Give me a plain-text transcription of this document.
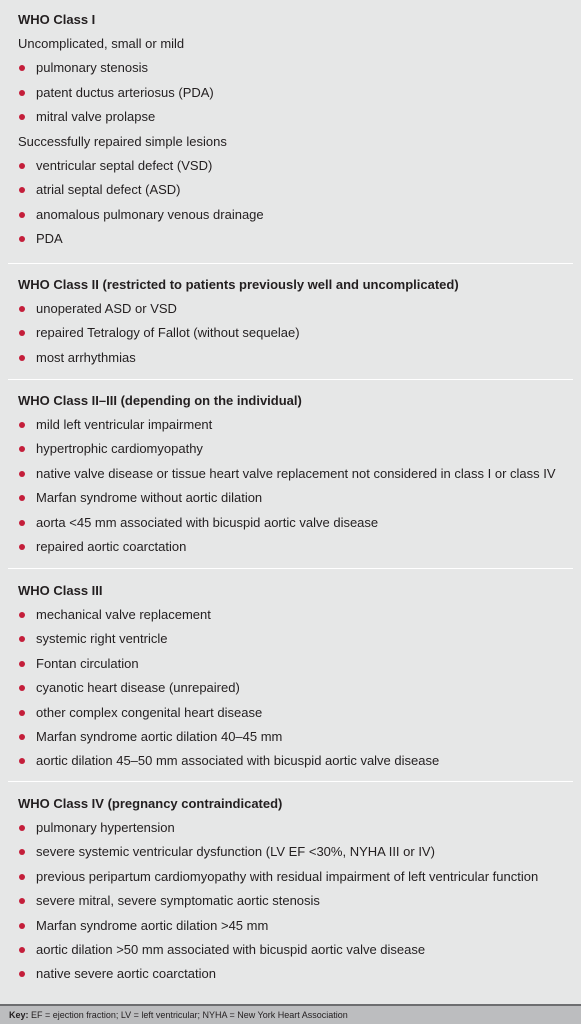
WHO Class I
Uncomplicated, small or mild
pulmonary stenosis
patent ductus arteriosus (PDA)
mitral valve prolapse
Successfully repaired simple lesions
ventricular septal defect (VSD)
atrial septal defect (ASD)
anomalous pulmonary venous drainage
PDA
WHO Class II (restricted to patients previously well and uncomplicated)
unoperated ASD or VSD
repaired Tetralogy of Fallot (without sequelae)
most arrhythmias
WHO Class II–III (depending on the individual)
mild left ventricular impairment
hypertrophic cardiomyopathy
native valve disease or tissue heart valve replacement not considered in class I or class IV
Marfan syndrome without aortic dilation
aorta <45 mm associated with bicuspid aortic valve disease
repaired aortic coarctation
WHO Class III
mechanical valve replacement
systemic right ventricle
Fontan circulation
cyanotic heart disease (unrepaired)
other complex congenital heart disease
Marfan syndrome aortic dilation 40–45 mm
aortic dilation 45–50 mm associated with bicuspid aortic valve disease
WHO Class IV (pregnancy contraindicated)
pulmonary hypertension
severe systemic ventricular dysfunction (LV EF <30%, NYHA III or IV)
previous peripartum cardiomyopathy with residual impairment of left ventricular function
severe mitral, severe symptomatic aortic stenosis
Marfan syndrome aortic dilation >45 mm
aortic dilation >50 mm associated with bicuspid aortic valve disease
native severe aortic coarctation
Key: EF = ejection fraction; LV = left ventricular; NYHA = New York Heart Association
